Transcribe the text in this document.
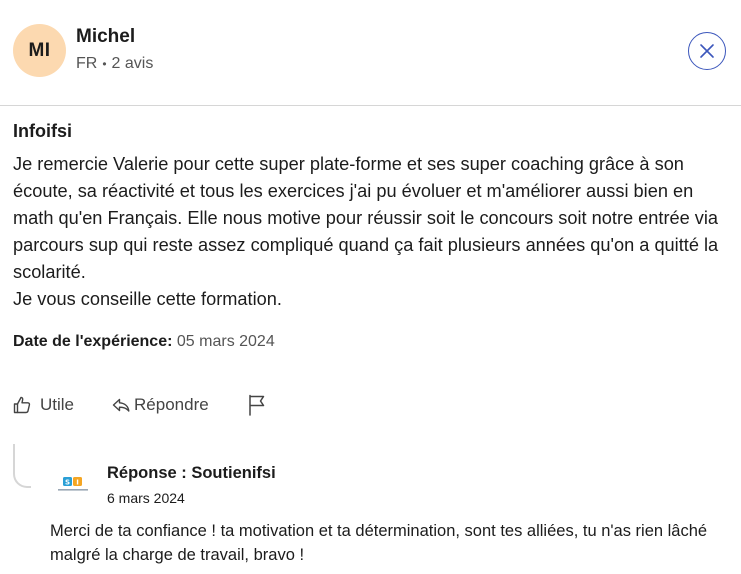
MI
Michel
FR • 2 avis
Infoifsi

Je remercie Valerie pour cette super plate-forme et ses super coaching grâce à son écoute, sa réactivité et tous les exercices j'ai pu évoluer et m'améliorer aussi bien en math qu'en Français. Elle nous motive pour réussir soit le concours soit notre entrée via parcours sup qui reste assez compliqué quand ça fait plusieurs années qu'on a quitté la scolarité.

Je vous conseille cette formation.

Date de l'expérience: 05 mars 2024
Utile	Répondre
S I
Réponse : Soutienifsi
6 mars 2024
Merci de ta confiance ! ta motivation et ta détermination, sont tes alliées, tu n'as rien lâché malgré la charge de travail, bravo !
